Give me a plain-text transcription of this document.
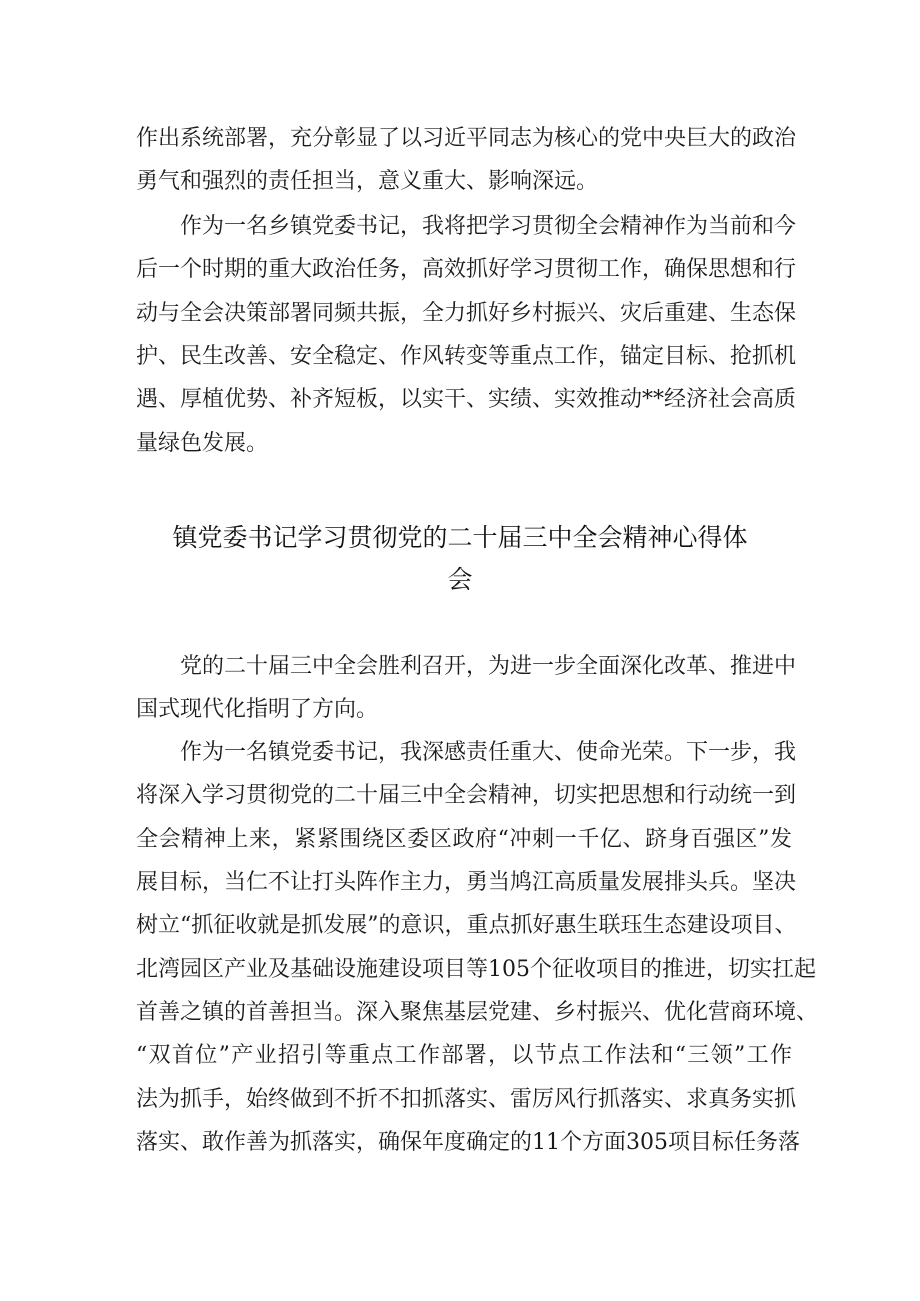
作出系统部署，充分彰显了以习近平同志为核心的党中央巨大的政治

勇气和强烈的责任担当，意义重大、影响深远。

作为一名乡镇党委书记，我将把学习贯彻全会精神作为当前和今

后一个时期的重大政治任务，高效抓好学习贯彻工作，确保思想和行

动与全会决策部署同频共振，全力抓好乡村振兴、灾后重建、生态保

护、民生改善、安全稳定、作风转变等重点工作，锚定目标、抢抓机

遇、厚植优势、补齐短板，以实干、实绩、实效推动**经济社会高质

量绿色发展。

镇党委书记学习贯彻党的二十届三中全会精神心得体
会

党的二十届三中全会胜利召开，为进一步全面深化改革、推进中

国式现代化指明了方向。

作为一名镇党委书记，我深感责任重大、使命光荣。下一步，我

将深入学习贯彻党的二十届三中全会精神，切实把思想和行动统一到

全会精神上来，紧紧围绕区委区政府“冲刺一千亿、跻身百强区”发

展目标，当仁不让打头阵作主力，勇当鸠江高质量发展排头兵。坚决

树立“抓征收就是抓发展”的意识，重点抓好惠生联珏生态建设项目、

北湾园区产业及基础设施建设项目等105个征收项目的推进，切实扛起

首善之镇的首善担当。深入聚焦基层党建、乡村振兴、优化营商环境、

“双首位”产业招引等重点工作部署，以节点工作法和“三领”工作

法为抓手，始终做到不折不扣抓落实、雷厉风行抓落实、求真务实抓

落实、敢作善为抓落实，确保年度确定的11个方面305项目标任务落
